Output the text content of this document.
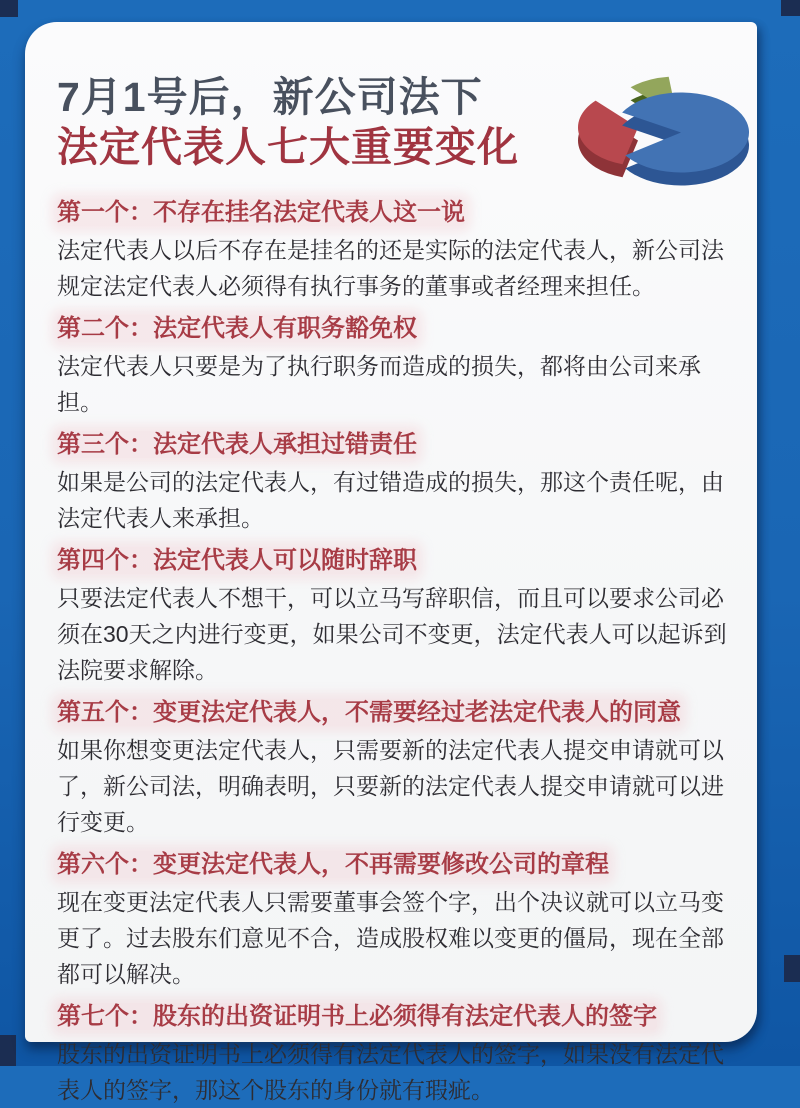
7月1号后，新公司法下
法定代表人七大重要变化
第一个：不存在挂名法定代表人这一说

法定代表人以后不存在是挂名的还是实际的法定代表人，新公司法规定法定代表人必须得有执行事务的董事或者经理来担任。

第二个：法定代表人有职务豁免权

法定代表人只要是为了执行职务而造成的损失，都将由公司来承担。

第三个：法定代表人承担过错责任

如果是公司的法定代表人，有过错造成的损失，那这个责任呢，由法定代表人来承担。

第四个：法定代表人可以随时辞职

只要法定代表人不想干，可以立马写辞职信，而且可以要求公司必须在30天之内进行变更，如果公司不变更，法定代表人可以起诉到法院要求解除。

第五个：变更法定代表人，不需要经过老法定代表人的同意

如果你想变更法定代表人，只需要新的法定代表人提交申请就可以了，新公司法，明确表明，只要新的法定代表人提交申请就可以进行变更。

第六个：变更法定代表人，不再需要修改公司的章程

现在变更法定代表人只需要董事会签个字，出个决议就可以立马变更了。过去股东们意见不合，造成股权难以变更的僵局，现在全部都可以解决。

第七个：股东的出资证明书上必须得有法定代表人的签字

股东的出资证明书上必须得有法定代表人的签字，如果没有法定代表人的签字，那这个股东的身份就有瑕疵。
